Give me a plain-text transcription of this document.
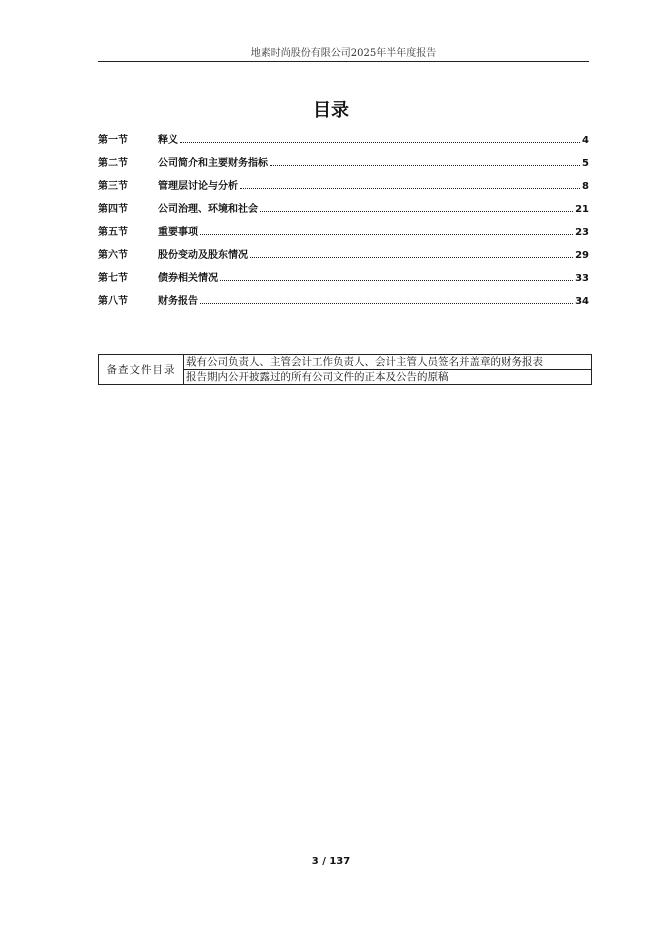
地素时尚股份有限公司2025年半年度报告
目录
第一节	释义	4
第二节	公司简介和主要财务指标	5
第三节	管理层讨论与分析	8
第四节	公司治理、环境和社会	21
第五节	重要事项	23
第六节	股份变动及股东情况	29
第七节	债券相关情况	33
第八节	财务报告	34
备查文件目录	载有公司负责人、主管会计工作负责人、会计主管人员签名并盖章的财务报表
报告期内公开披露过的所有公司文件的正本及公告的原稿
3 / 137
